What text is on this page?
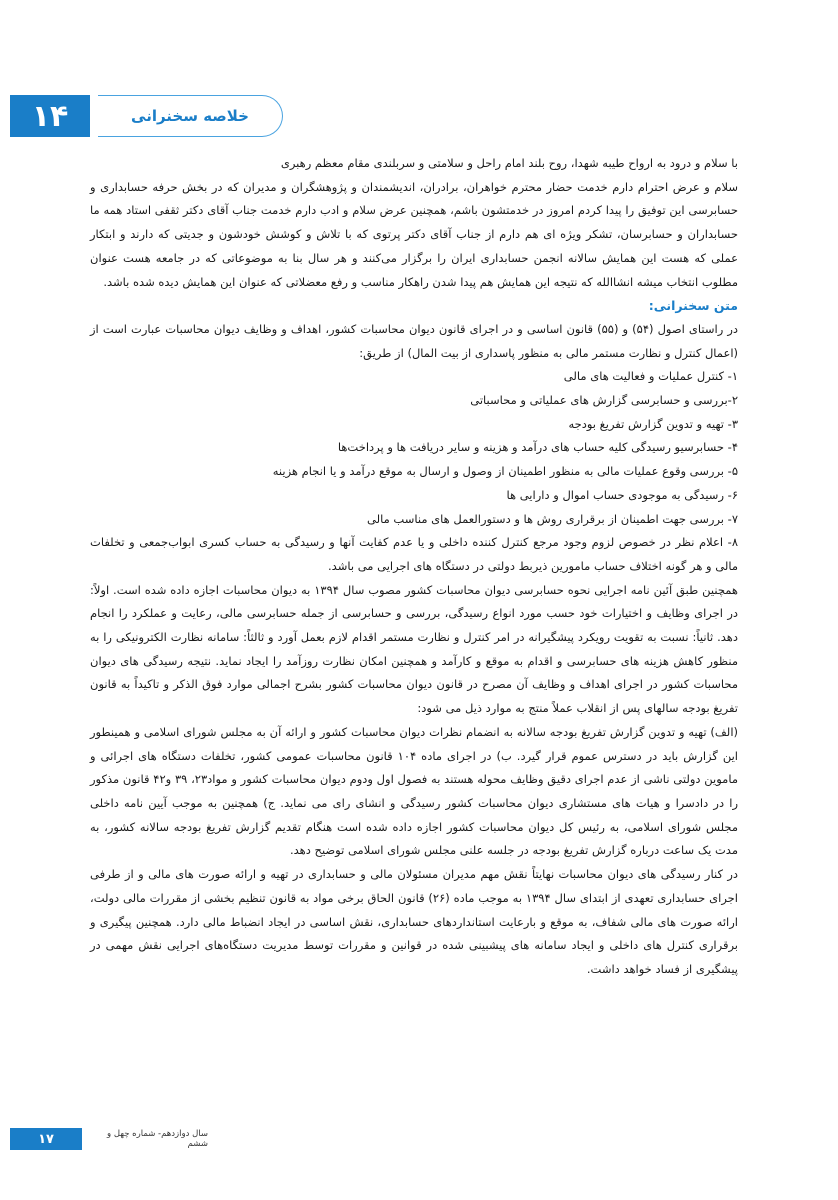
۱۴	خلاصه سخنرانی

با سلام و درود به ارواح طیبه شهدا، روح بلند امام راحل و سلامتی و سربلندی مقام معظم رهبری

سلام و عرض احترام دارم خدمت حضار محترم خواهران، برادران، اندیشمندان و پژوهشگران و مدیران که در بخش حرفه حسابداری و حسابرسی این توفیق را پیدا کردم امروز در خدمتشون باشم، همچنین عرض سلام و ادب دارم خدمت جناب آقای دکتر ثقفی استاد همه ما حسابداران و حسابرسان، تشکر ویژه ای هم دارم از جناب آقای دکتر پرتوی که با تلاش و کوشش خودشون و جدیتی که دارند و ابتکار عملی که هست این همایش سالانه انجمن حسابداری ایران را برگزار می‌کنند و هر سال بنا به موضوعاتی که در جامعه هست عنوان مطلوب انتخاب میشه انشاالله که نتیجه این همایش هم پیدا شدن راهکار مناسب و رفع معضلاتی که عنوان این همایش دیده شده باشد.

متن سخنرانی:

در راستای اصول (۵۴) و (۵۵) قانون اساسی و در اجرای قانون دیوان محاسبات کشور، اهداف و وظایف دیوان محاسبات عبارت است از (اعمال کنترل و نظارت مستمر مالی به منظور پاسداری از بیت المال) از طریق:

۱- کنترل عملیات و فعالیت های مالی
۲-بررسی و حسابرسی گزارش های عملیاتی و محاسباتی
۳- تهیه و تدوین گزارش تفریغ بودجه
۴- حسابرسیو رسیدگی کلیه حساب های درآمد و هزینه و سایر دریافت ها و پرداخت‌ها
۵- بررسی وقوع عملیات مالی به منظور اطمینان از وصول و ارسال به موقع درآمد و یا انجام هزینه
۶- رسیدگی به موجودی حساب اموال و دارایی ها
۷- بررسی جهت اطمینان از برقراری روش ها و دستورالعمل های مناسب مالی
۸- اعلام نظر در خصوص لزوم وجود مرجع کنترل کننده داخلی و یا عدم کفایت آنها و رسیدگی به حساب کسری ابواب‌جمعی و تخلفات مالی و هر گونه اختلاف حساب مامورین ذیربط دولتی در دستگاه های اجرایی می باشد.

همچنین طبق آئین نامه اجرایی نحوه حسابرسی دیوان محاسبات کشور مصوب سال ۱۳۹۴ به دیوان محاسبات اجازه داده شده است. اولاً: در اجرای وظایف و اختیارات خود حسب مورد انواع رسیدگی، بررسی و حسابرسی از جمله حسابرسی مالی، رعایت و عملکرد را انجام دهد. ثانیاً: نسبت به تقویت رویکرد پیشگیرانه در امر کنترل و نظارت مستمر اقدام لازم بعمل آورد و ثالثاً: سامانه نظارت الکترونیکی را به منظور کاهش هزینه های حسابرسی و اقدام به موقع و کارآمد و همچنین امکان نظارت روزآمد را ایجاد نماید. نتیجه رسیدگی های دیوان محاسبات کشور در اجرای اهداف و وظایف آن مصرح در قانون دیوان محاسبات کشور بشرح اجمالی موارد فوق الذکر و تاکیداً به قانون تفریغ بودجه سالهای پس از انقلاب عملاً منتج به موارد ذیل می شود:

(الف) تهیه و تدوین گزارش تفریغ بودجه سالانه به انضمام نظرات دیوان محاسبات کشور و ارائه آن به مجلس شورای اسلامی و همینطور این گزارش باید در دسترس عموم قرار گیرد. ب) در اجرای ماده ۱۰۴ قانون محاسبات عمومی کشور، تخلفات دستگاه های اجرائی و ماموین دولتی ناشی از عدم اجرای دقیق وظایف محوله هستند به فصول اول ودوم دیوان محاسبات کشور و مواد۲۳، ۳۹ و۴۲ قانون مذکور را در دادسرا و هیات های مستشاری دیوان محاسبات کشور رسیدگی و انشای رای می نماید. ج) همچنین به موجب آیین نامه داخلی مجلس شورای اسلامی، به رئیس کل دیوان محاسبات کشور اجازه داده شده است هنگام تقدیم گزارش تفریغ بودجه سالانه کشور، به مدت یک ساعت درباره گزارش تفریغ بودجه در جلسه علنی مجلس شورای اسلامی توضیح دهد.

در کنار رسیدگی های دیوان محاسبات نهایتاً نقش مهم مدیران مسئولان مالی و حسابداری در تهیه و ارائه صورت های مالی و از طرفی اجرای حسابداری تعهدی از ابتدای سال ۱۳۹۴ به موجب ماده (۲۶) قانون الحاق برخی مواد به قانون تنظیم بخشی از مقررات مالی دولت، ارائه صورت های مالی شفاف، به موقع و بارعایت استانداردهای حسابداری، نقش اساسی در ایجاد انضباط مالی دارد. همچنین پیگیری و برقراری کنترل های داخلی و ایجاد سامانه های پیشبینی شده در قوانین و مقررات توسط مدیریت دستگاه‌های اجرایی نقش مهمی در پیشگیری از فساد خواهد داشت.

۱۷	سال دوازدهم- شماره چهل و ششم
